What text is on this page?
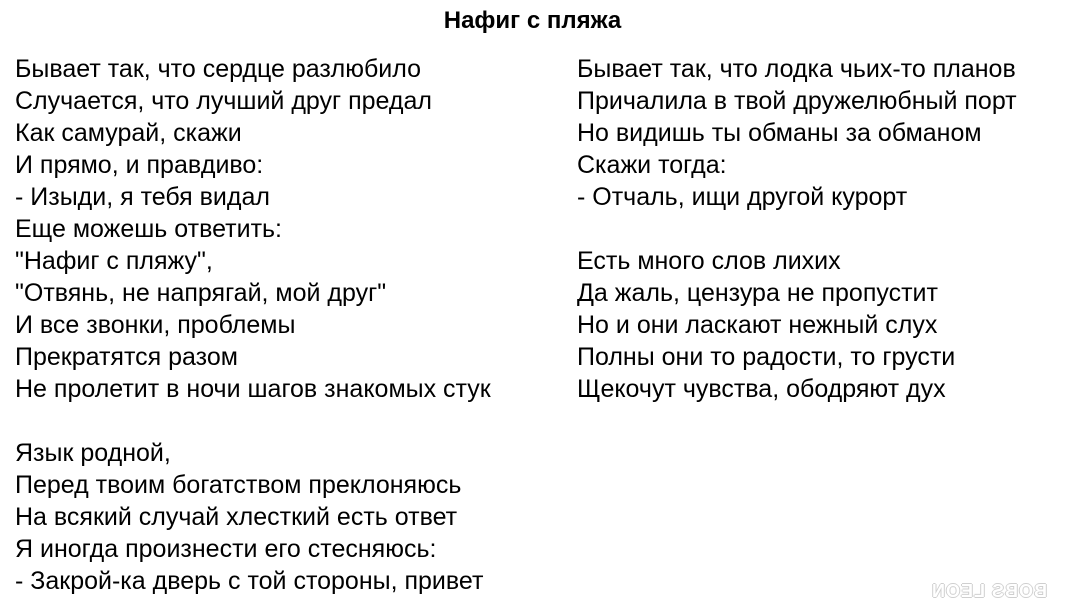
Нафиг с пляжа
Бывает так, что сердце разлюбило
Случается, что лучший друг предал
Как самурай, скажи
И прямо, и правдиво:
- Изыди, я тебя видал
Еще можешь ответить:
"Нафиг с пляжу",
"Отвянь, не напрягай, мой друг"
И все звонки, проблемы
Прекратятся разом
Не пролетит в ночи шагов знакомых стук
Язык родной,
Перед твоим богатством преклоняюсь
На всякий случай хлесткий есть ответ
Я иногда произнести его стесняюсь:
- Закрой-ка дверь с той стороны, привет
Бывает так, что лодка чьих-то планов
Причалила в твой дружелюбный порт
Но видишь ты обманы за обманом
Скажи тогда:
- Отчаль, ищи другой курорт
Есть много слов лихих
Да жаль, цензура не пропустит
Но и они ласкают нежный слух
Полны они то радости, то грусти
Щекочут чувства, ободряют дух
BOBS LEON
